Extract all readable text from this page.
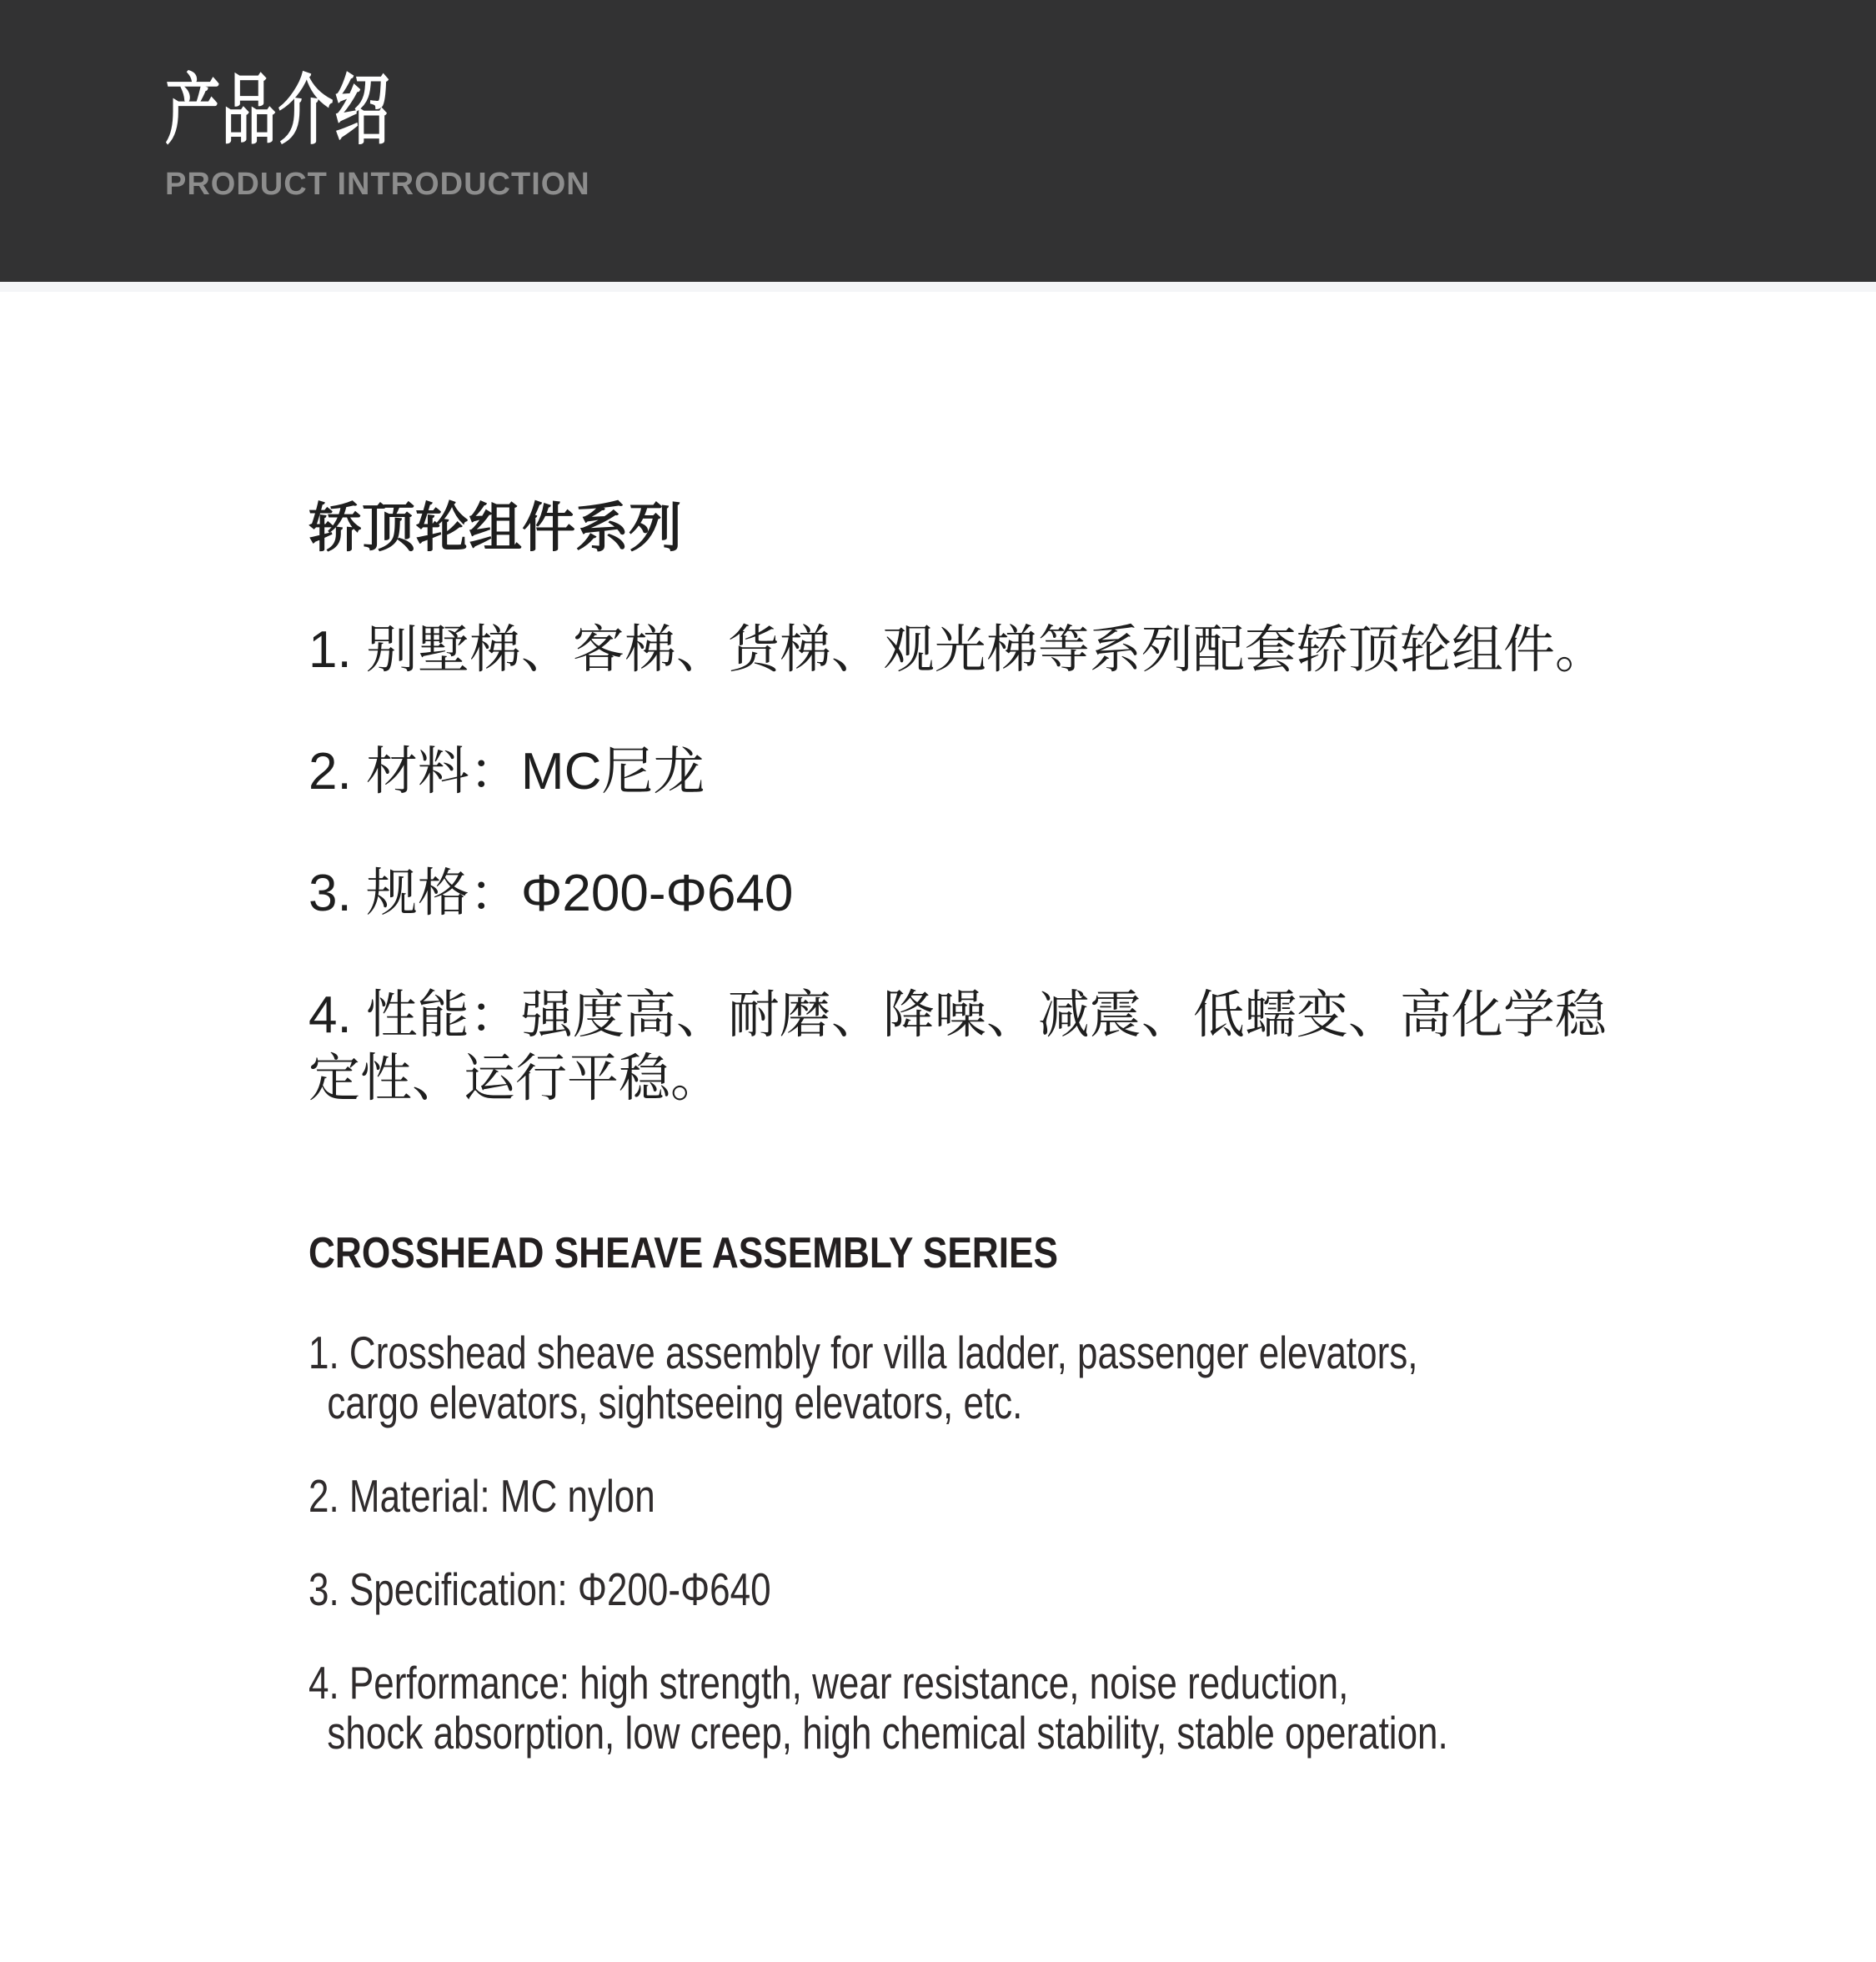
产品介绍
PRODUCT INTRODUCTION
轿顶轮组件系列
1. 别墅梯、客梯、货梯、观光梯等系列配套轿顶轮组件。
2. 材料：MC尼龙
3. 规格：Φ200-Φ640
4. 性能：强度高、耐磨、降噪、减震、低蠕变、高化学稳
定性、运行平稳。
CROSSHEAD SHEAVE ASSEMBLY SERIES
1. Crosshead sheave assembly for villa ladder, passenger elevators,
cargo elevators, sightseeing elevators, etc.
2. Material: MC nylon
3. Specification: Φ200-Φ640
4. Performance: high strength, wear resistance, noise reduction,
shock absorption, low creep, high chemical stability, stable operation.
